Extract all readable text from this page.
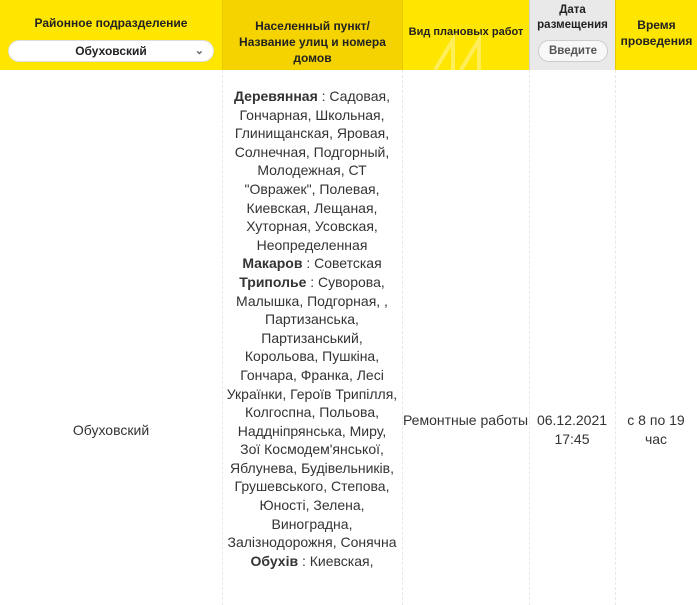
Районное подразделение
Обуховский	⌄
Населенный пункт/Название улиц и номера домов
Вид плановых работ
Дата размещения
Введите
Время проведения
Обуховский
Деревянная : Садовая, Гончарная, Школьная, Глинищанская, Яровая, Солнечная, Подгорный, Молодежная, СТ "Овражек", Полевая, Киевская, Лещаная, Хуторная, Усовская, Неопределенная
Макаров : Советская
Триполье : Суворова, Малышка, Подгорная, , Партизанська, Партизанський, Корольова, Пушкіна, Гончара, Франка, Лесі Українки, Героїв Трипілля, Колгоспна, Польова, Наддніпрянська, Миру, Зої Космодем'янської, Яблунева, Будівельників, Грушевського, Степова, Юності, Зелена, Виноградна, Залізнодорожня, Сонячна
Обухів : Киевская,
Ремонтные работы 06.12.2021 17:45
с 8 по 19 час
